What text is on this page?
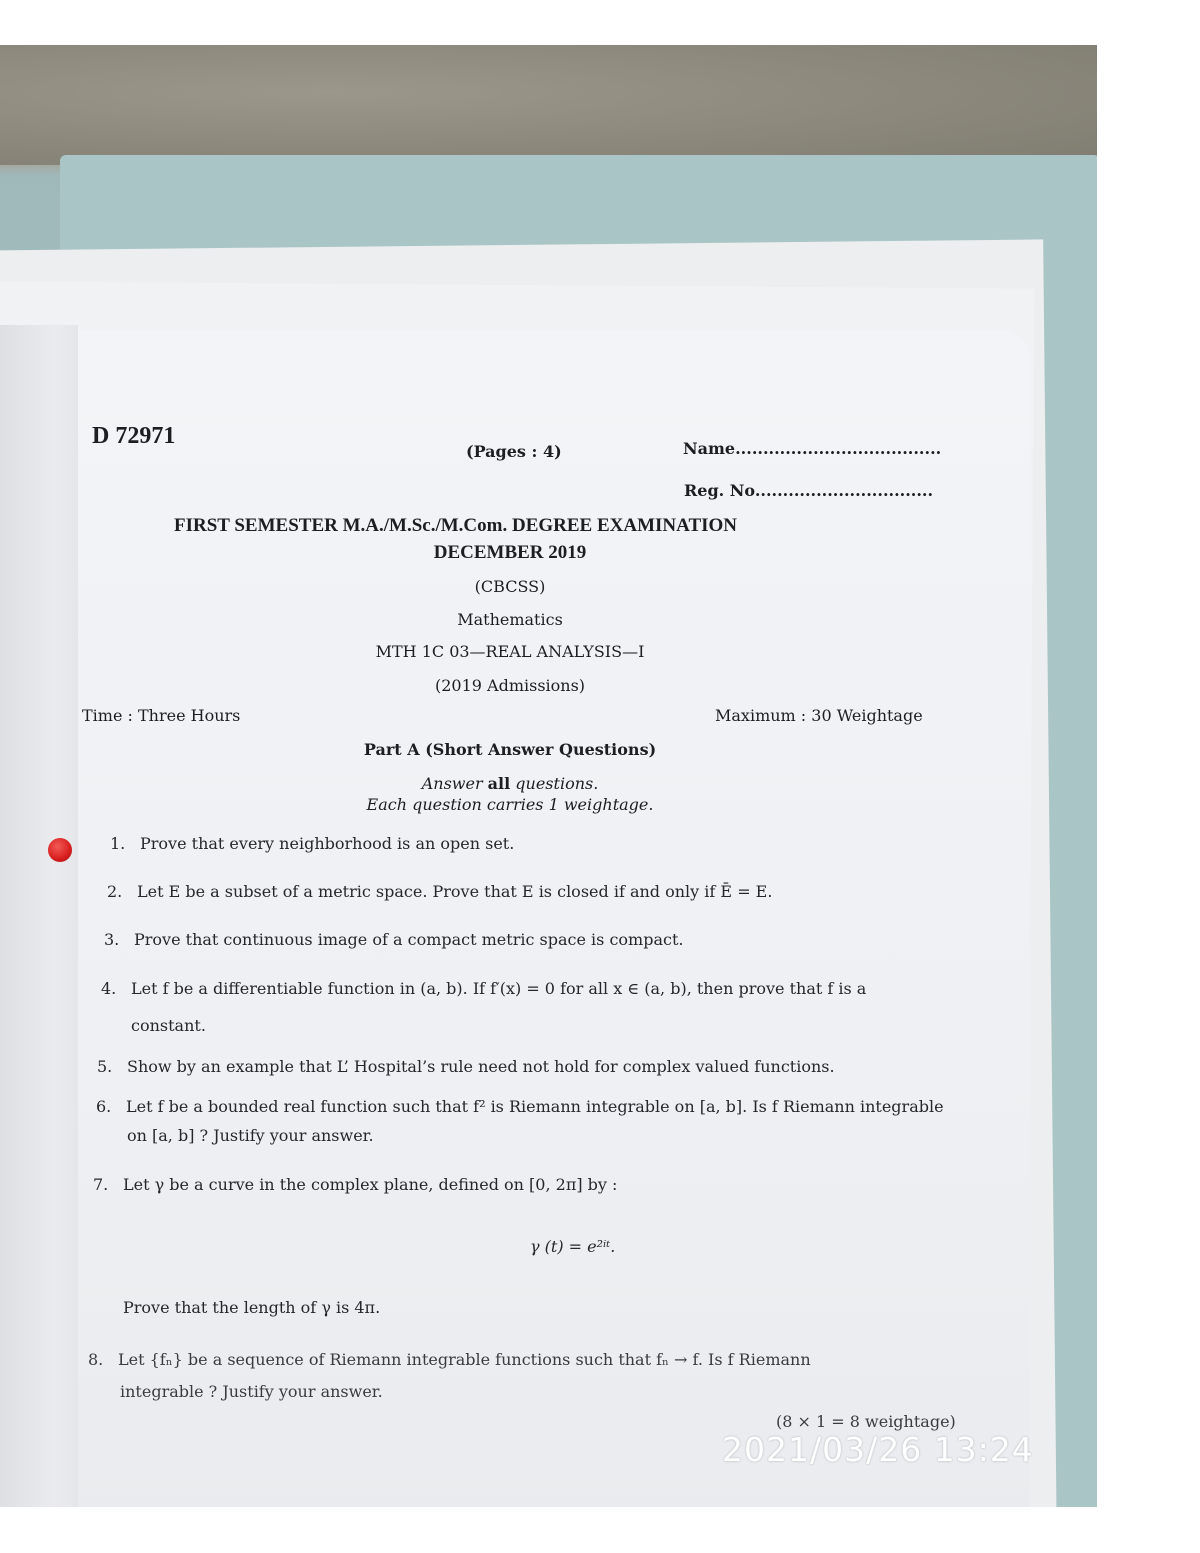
D 72971
(Pages : 4)	Name.....................................
Reg. No................................
FIRST SEMESTER M.A./M.Sc./M.Com. DEGREE EXAMINATION
DECEMBER 2019
(CBCSS)
Mathematics
MTH 1C 03—REAL ANALYSIS—I
(2019 Admissions)
Time : Three Hours	Maximum : 30 Weightage
Part A (Short Answer Questions)
Answer all questions.
Each question carries 1 weightage.
1. Prove that every neighborhood is an open set.
2. Let E be a subset of a metric space. Prove that E is closed if and only if Ē = E.
3. Prove that continuous image of a compact metric space is compact.
4. Let f be a differentiable function in (a, b). If f′(x) = 0 for all x ∈ (a, b), then prove that f is a
constant.
5. Show by an example that L’ Hospital’s rule need not hold for complex valued functions.
6. Let f be a bounded real function such that f² is Riemann integrable on [a, b]. Is f Riemann integrable
on [a, b] ? Justify your answer.
7. Let γ be a curve in the complex plane, defined on [0, 2π] by :
γ (t) = e²ⁱᵗ.
Prove that the length of γ is 4π.
8. Let {fₙ} be a sequence of Riemann integrable functions such that fₙ → f. Is f Riemann
integrable ? Justify your answer.
(8 × 1 = 8 weightage)
2021/03/26 13:24
